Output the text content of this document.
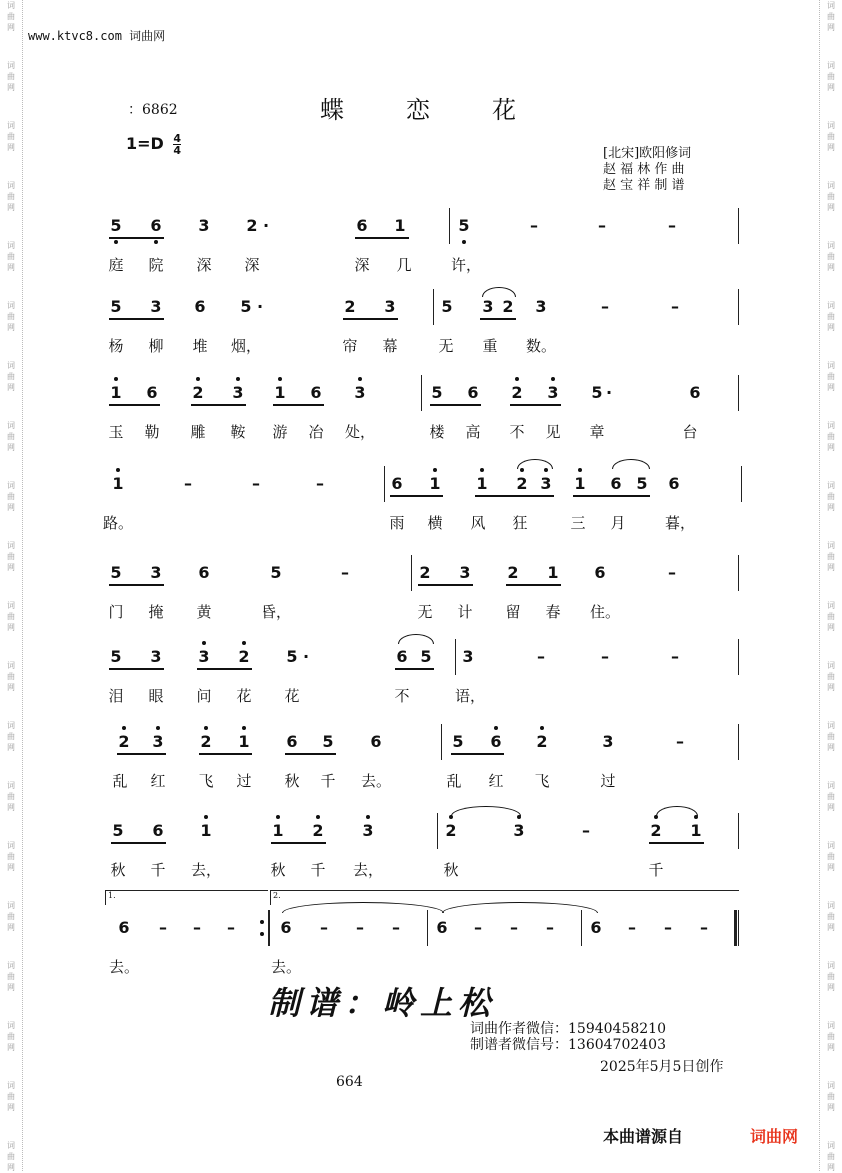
词
曲
网
词
曲
网
词
曲
网
词
曲
网
词
曲
网
词
曲
网
词
曲
网
词
曲
网
词
曲
网
词
曲
网
词
曲
网
词
曲
网
词
曲
网
词
曲
网
词
曲
网
词
曲
网
词
曲
网
词
曲
网
词
曲
网
词
曲
网
词
曲
网
词
曲
网
词
曲
网
词
曲
网
词
曲
网
词
曲
网
词
曲
网
词
曲
网
词
曲
网
词
曲
网
词
曲
网
词
曲
网
词
曲
网
词
曲
网
词
曲
网
词
曲
网
词
曲
网
词
曲
网
词
曲
网
词
曲
网
www.ktvc8.com 词曲网
：6862	蝶	恋	花
$1=D \frac{4}{4}$	[北宋]欧阳修词
赵 福 林 作 曲
赵 宝 祥 制 谱
5 6 3 2 ·	6 1	5	–	–	–
庭 院 深 深	深 几	许，
5 3 6 5 ·	2 3	5 3 2 3	–	–
杨 柳 堆 烟，	帘 幕	无 重 数。
1 6 2 3 1 6 3	5 6 2 3 5 ·	6
玉 勒 雕 鞍 游 冶 处，	楼 高 不 见 章	台
1	–	–	–	6 1 1 2 3 1 6 5 6
路。	雨 横 风 狂	三 月	暮，
5 3 6	5	–	2 3 2 1 6	–
门 掩 黄	昏，	无 计 留 春 住。
5 3 3 2 5 ·	6 5 3	–	–	–
泪 眼 问 花 花	不	语，
2 3 2 1 6 5 6	5 6 2	3	–
乱 红 飞 过 秋 千 去。	乱 红 飞	过
5 6 1	1 2 3	2	3	–	2 1
秋 千 去，	秋 千 去，	秋	千
6 – – –	6 – – – 6 – – – 6 – – –
去。	去。
1.	2.
制谱：岭上松
词曲作者微信：15940458210
制谱者微信号：13604702403
2025年5月5日创作
664
本曲谱源自	词曲网
